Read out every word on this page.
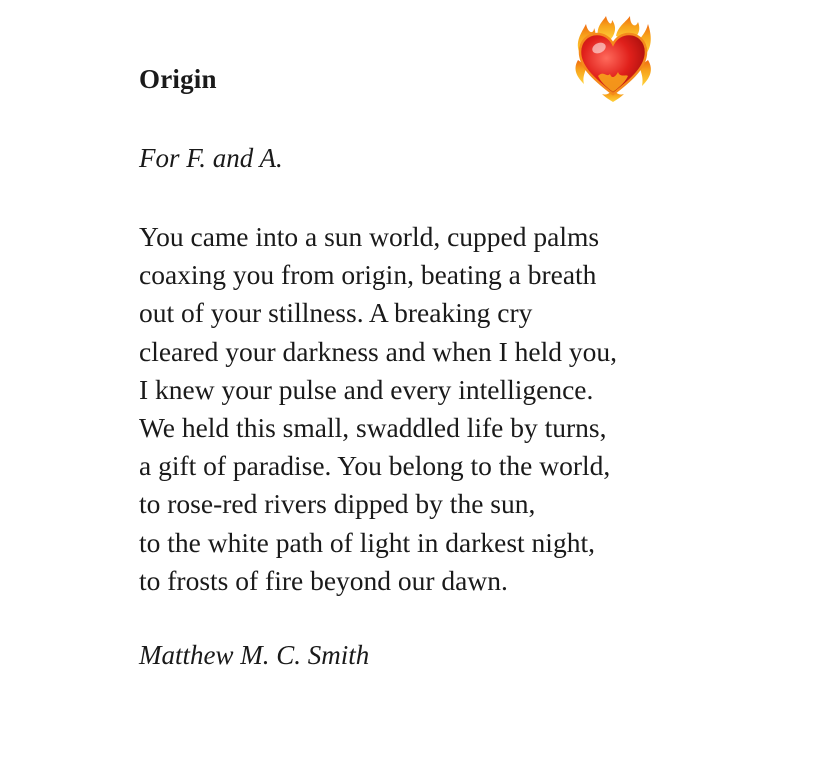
Origin
For F. and A.
You came into a sun world, cupped palms
coaxing you from origin, beating a breath
out of your stillness. A breaking cry
cleared your darkness and when I held you,
I knew your pulse and every intelligence.
We held this small, swaddled life by turns,
a gift of paradise. You belong to the world,
to rose-red rivers dipped by the sun,
to the white path of light in darkest night,
to frosts of fire beyond our dawn.
Matthew M. C. Smith
